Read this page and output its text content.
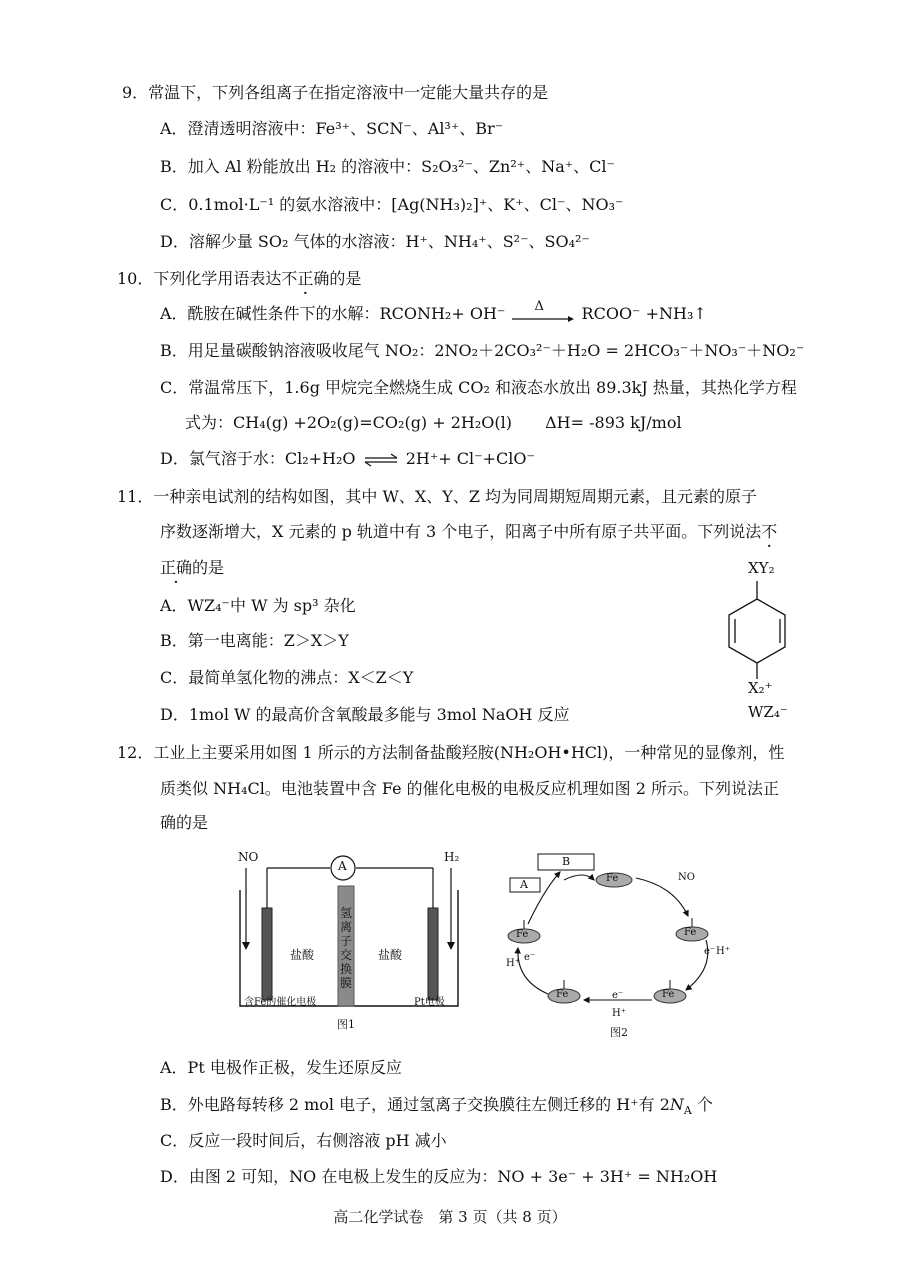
9．常温下，下列各组离子在指定溶液中一定能大量共存的是
A．澄清透明溶液中：Fe³⁺、SCN⁻、Al³⁺、Br⁻
B．加入 Al 粉能放出 H₂ 的溶液中：S₂O₃²⁻、Zn²⁺、Na⁺、Cl⁻
C．0.1mol·L⁻¹ 的氨水溶液中：[Ag(NH₃)₂]⁺、K⁺、Cl⁻、NO₃⁻
D．溶解少量 SO₂ 气体的水溶液：H⁺、NH₄⁺、S²⁻、SO₄²⁻
10．下列化学用语表达不正确的是
A．酰胺在碱性条件下的水解：RCONH₂+ OH⁻ Δ RCOO⁻ +NH₃↑
B．用足量碳酸钠溶液吸收尾气 NO₂：2NO₂＋2CO₃²⁻＋H₂O = 2HCO₃⁻＋NO₃⁻＋NO₂⁻
C．常温常压下，1.6g 甲烷完全燃烧生成 CO₂ 和液态水放出 89.3kJ 热量，其热化学方程
式为：CH₄(g) +2O₂(g)=CO₂(g) + 2H₂O(l) ΔH= -893 kJ/mol
D．氯气溶于水：Cl₂+H₂O ⇌ 2H⁺+ Cl⁻+ClO⁻
11．一种亲电试剂的结构如图，其中 W、X、Y、Z 均为同周期短周期元素，且元素的原子
序数逐渐增大，X 元素的 p 轨道中有 3 个电子，阳离子中所有原子共平面。下列说法不
正确的是
A．WZ₄⁻中 W 为 sp³ 杂化
B．第一电离能：Z＞X＞Y
C．最简单氢化物的沸点：X＜Z＜Y
D．1mol W 的最高价含氧酸最多能与 3mol NaOH 反应
XY₂
X₂⁺
WZ₄⁻
12．工业上主要采用如图 1 所示的方法制备盐酸羟胺(NH₂OH•HCl)，一种常见的显像剂，性
质类似 NH₄Cl。电池装置中含 Fe 的催化电极的电极反应机理如图 2 所示。下列说法正
确的是
A
NO	H₂
盐酸	盐酸
氢离子交换膜
含Fe的催化电极	Pt电极
图1
B
A	Fe
Fe
Fe
Fe
Fe
NO
e⁻ H⁺
e⁻
H⁺
e⁻
H⁺
图2
A．Pt 电极作正极，发生还原反应
B．外电路每转移 2 mol 电子，通过氢离子交换膜往左侧迁移的 H⁺有 $2N_A$ 个
C．反应一段时间后，右侧溶液 pH 减小
D．由图 2 可知，NO 在电极上发生的反应为：NO + 3e⁻ + 3H⁺ = NH₂OH
高二化学试卷　第 3 页（共 8 页）
